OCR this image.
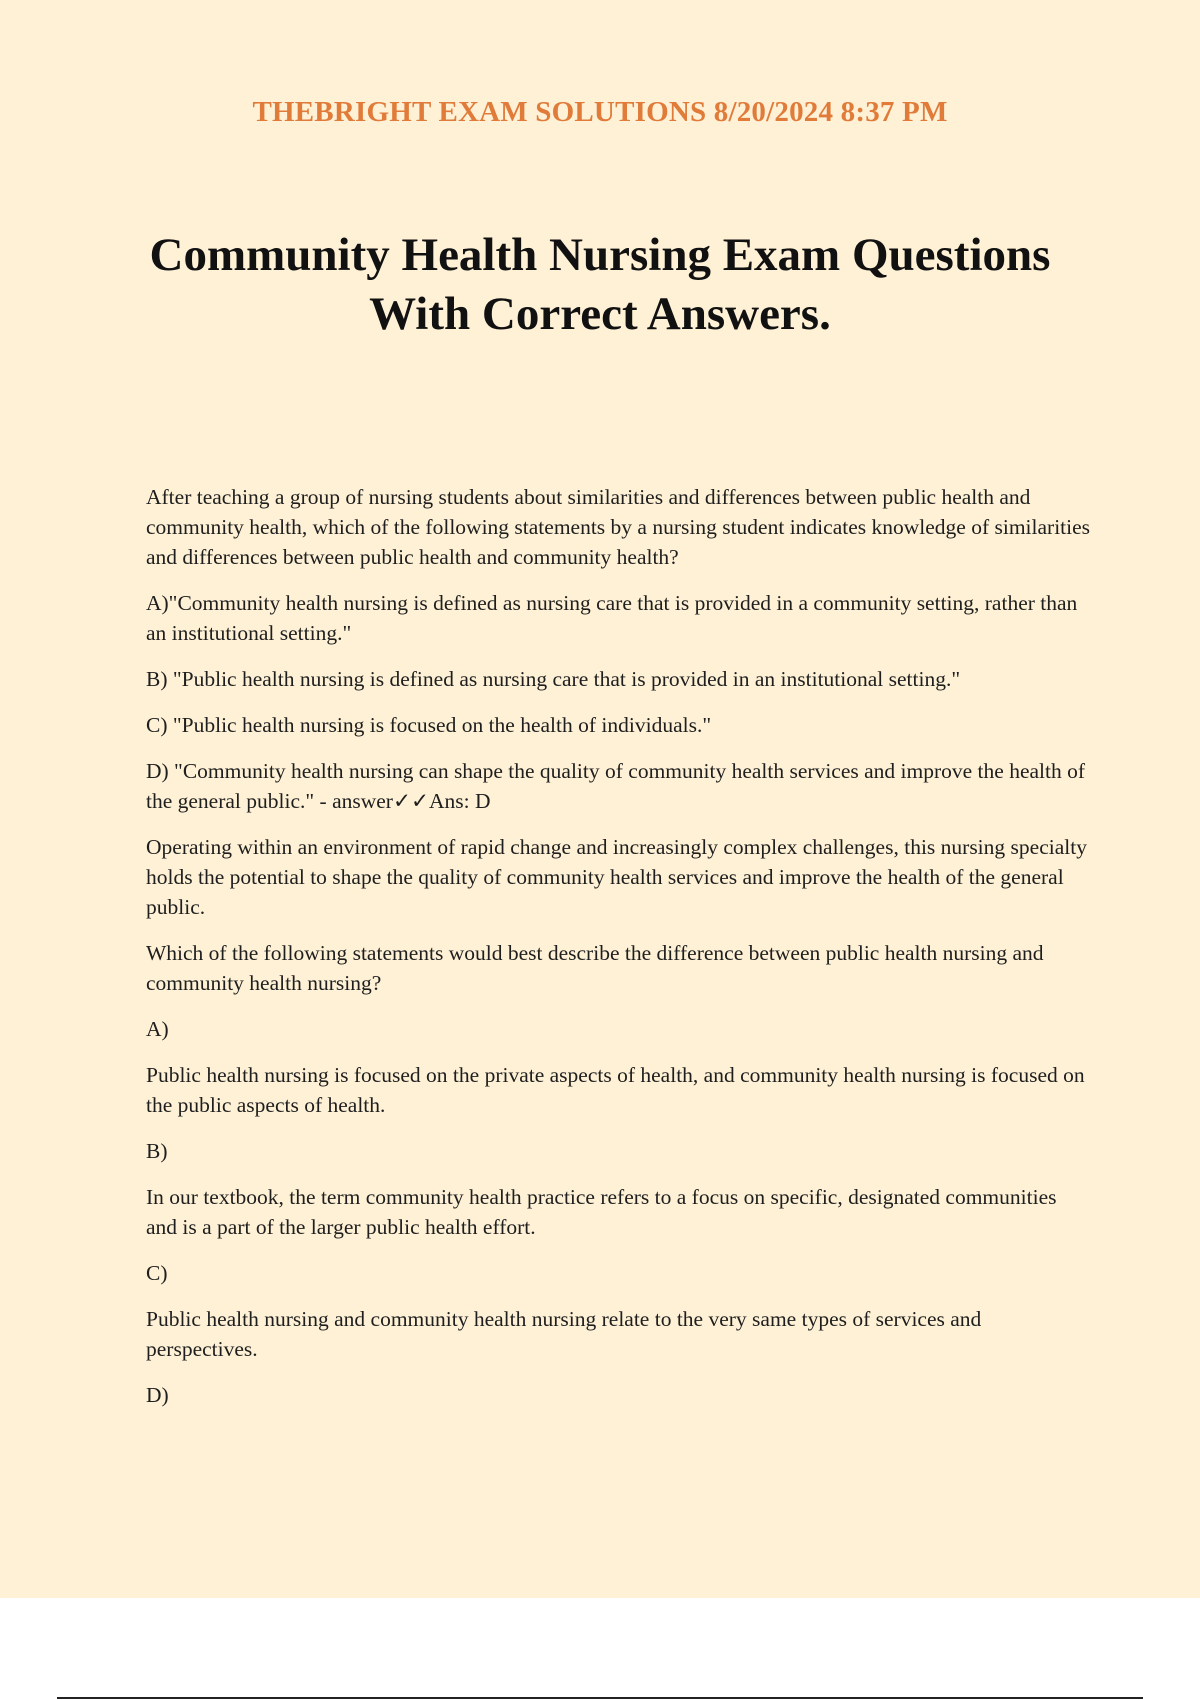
THEBRIGHT EXAM SOLUTIONS 8/20/2024 8:37 PM
Community Health Nursing Exam Questions
With Correct Answers.

After teaching a group of nursing students about similarities and differences between public health and community health, which of the following statements by a nursing student indicates knowledge of similarities and differences between public health and community health?

A)"Community health nursing is defined as nursing care that is provided in a community setting, rather than an institutional setting."

B) "Public health nursing is defined as nursing care that is provided in an institutional setting."

C) "Public health nursing is focused on the health of individuals."

D) "Community health nursing can shape the quality of community health services and improve the health of the general public." - answer✓✓Ans: D

Operating within an environment of rapid change and increasingly complex challenges, this nursing specialty holds the potential to shape the quality of community health services and improve the health of the general public.

Which of the following statements would best describe the difference between public health nursing and community health nursing?

A)

Public health nursing is focused on the private aspects of health, and community health nursing is focused on the public aspects of health.

B)

In our textbook, the term community health practice refers to a focus on specific, designated communities and is a part of the larger public health effort.

C)

Public health nursing and community health nursing relate to the very same types of services and perspectives.

D)
